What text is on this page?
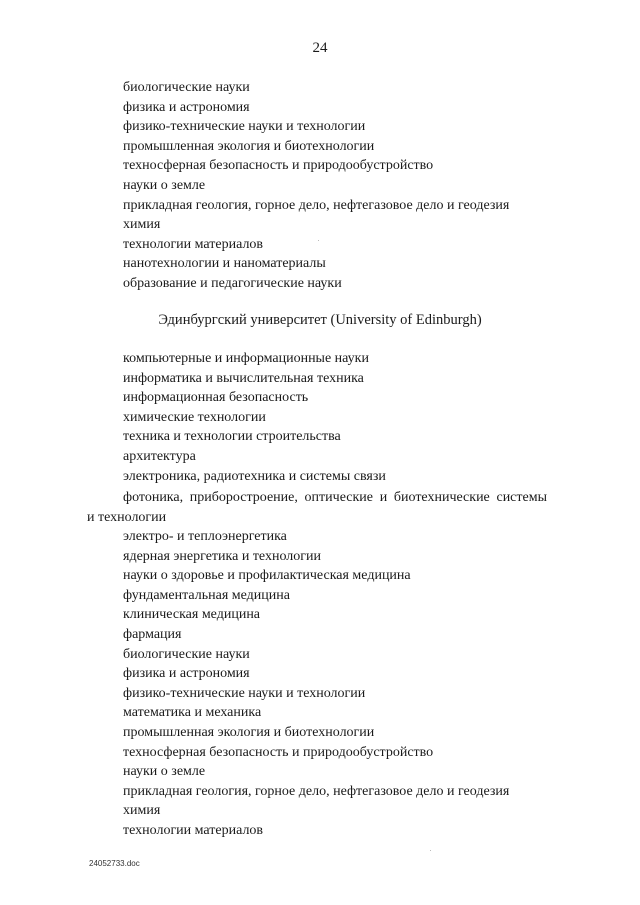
24
биологические науки
физика и астрономия
физико-технические науки и технологии
промышленная экология и биотехнологии
техносферная безопасность и природообустройство
науки о земле
прикладная геология, горное дело, нефтегазовое дело и геодезия
химия
технологии материалов
нанотехнологии и наноматериалы
образование и педагогические науки
Эдинбургский университет (University of Edinburgh)
компьютерные и информационные науки
информатика и вычислительная техника
информационная безопасность
химические технологии
техника и технологии строительства
архитектура
электроника, радиотехника и системы связи
фотоника, приборостроение, оптические и биотехнические системы
и технологии
электро- и теплоэнергетика
ядерная энергетика и технологии
науки о здоровье и профилактическая медицина
фундаментальная медицина
клиническая медицина
фармация
биологические науки
физика и астрономия
физико-технические науки и технологии
математика и механика
промышленная экология и биотехнологии
техносферная безопасность и природообустройство
науки о земле
прикладная геология, горное дело, нефтегазовое дело и геодезия
химия
технологии материалов
24052733.doc
